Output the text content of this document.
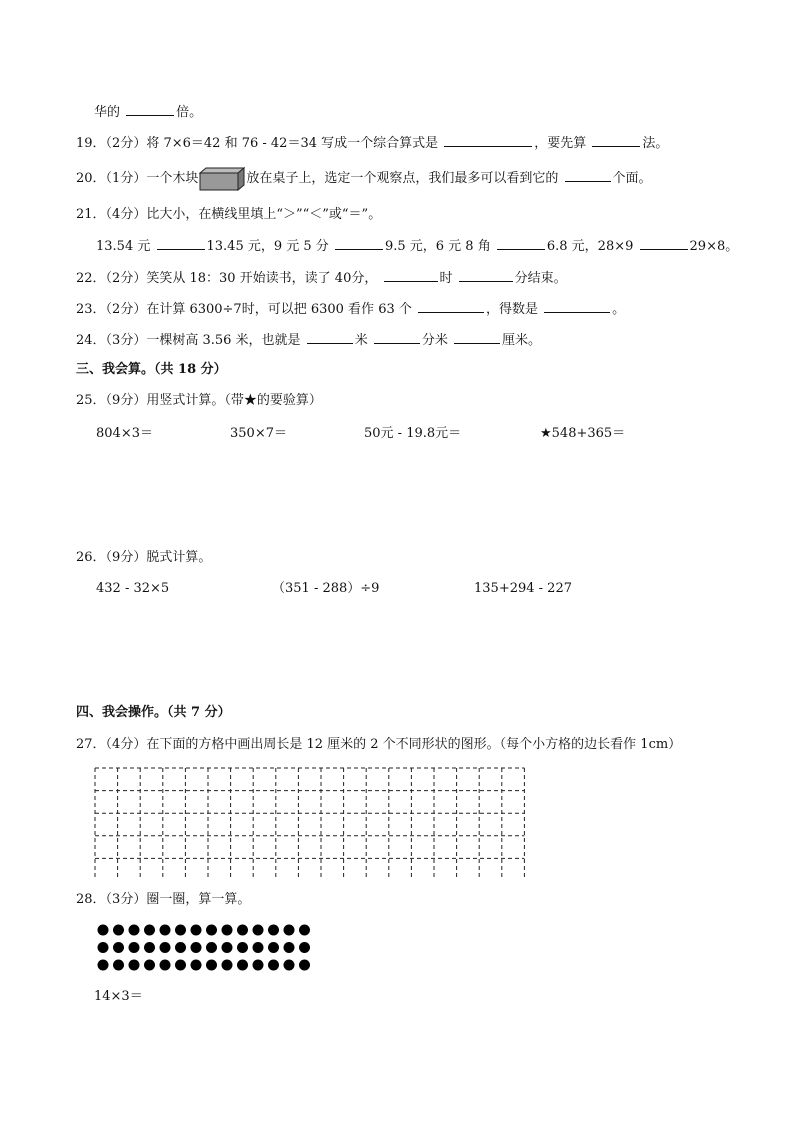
华的	倍。
19．（2分）将 7×6＝42 和 76 - 42＝34 写成一个综合算式是	，要先算	法。
20．（1分）一个木块	放在桌子上，选定一个观察点，我们最多可以看到它的	个面。
21．（4分）比大小，在横线里填上“＞”“＜”或“＝”。
13.54 元	13.45 元，9 元 5 分	9.5 元，6 元 8 角	6.8 元，28×9	29×8。
22．（2分）笑笑从 18：30 开始读书，读了 40分，	时	分结束。
23．（2分）在计算 6300÷7时，可以把 6300 看作 63 个	，得数是	。
24．（3分）一棵树高 3.56 米，也就是	米	分米	厘米。
三、我会算。（共 18 分）
25．（9分）用竖式计算。（带★的要验算）
804×3＝	350×7＝	50元 - 19.8元＝	★548+365＝
26．（9分）脱式计算。
432 - 32×5	（351 - 288）÷9	135+294 - 227
四、我会操作。（共 7 分）
27．（4分）在下面的方格中画出周长是 12 厘米的 2 个不同形状的图形。（每个小方格的边长看作 1cm）
28．（3分）圈一圈，算一算。
14×3＝
